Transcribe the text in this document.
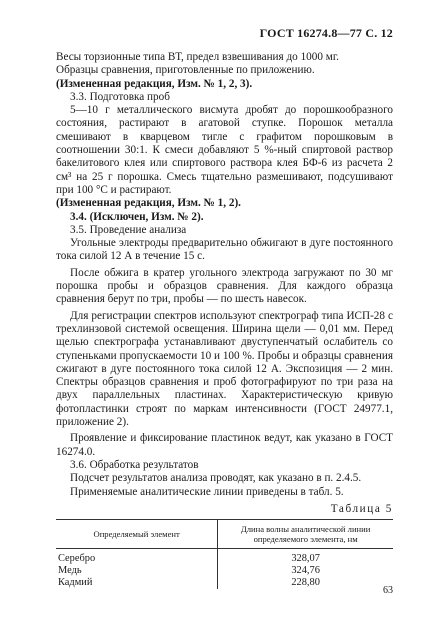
ГОСТ 16274.8—77 С. 12
Весы торзионные типа ВТ, предел взвешивания до 1000 мг.
Образцы сравнения, приготовленные по приложению.
(Измененная редакция, Изм. № 1, 2, 3).
3.3. Подготовка проб
5—10 г металлического висмута дробят до порошкообразного состояния, растирают в агатовой ступке. Порошок металла смешивают в кварцевом тигле с графитом порошковым в соотношении 30:1. К смеси добавляют 5 %-ный спиртовой раствор бакелитового клея или спиртового раствора клея БФ-6 из расчета 2 см³ на 25 г порошка. Смесь тщательно размешивают, подсушивают при 100 °С и растирают.
(Измененная редакция, Изм. № 1, 2).
3.4. (Исключен, Изм. № 2).
3.5. Проведение анализа
Угольные электроды предварительно обжигают в дуге постоянного тока силой 12 А в течение 15 с.
После обжига в кратер угольного электрода загружают по 30 мг порошка пробы и образцов сравнения. Для каждого образца сравнения берут по три, пробы — по шесть навесок.
Для регистрации спектров используют спектрограф типа ИСП-28 с трехлинзовой системой освещения. Ширина щели — 0,01 мм. Перед щелью спектрографа устанавливают двуступенчатый ослабитель со ступеньками пропускаемости 10 и 100 %. Пробы и образцы сравнения сжигают в дуге постоянного тока силой 12 А. Экспозиция — 2 мин. Спектры образцов сравнения и проб фотографируют по три раза на двух параллельных пластинах. Характеристическую кривую фотопластинки строят по маркам интенсивности (ГОСТ 24977.1, приложение 2).
Проявление и фиксирование пластинок ведут, как указано в ГОСТ 16274.0.
3.6. Обработка результатов
Подсчет результатов анализа проводят, как указано в п. 2.4.5.
Применяемые аналитические линии приведены в табл. 5.
Таблица 5
Определяемый элемент	Длина волны аналитической линии определяемого элемента, нм
Серебро	328,07
Медь	324,76
Кадмий	228,80
63
